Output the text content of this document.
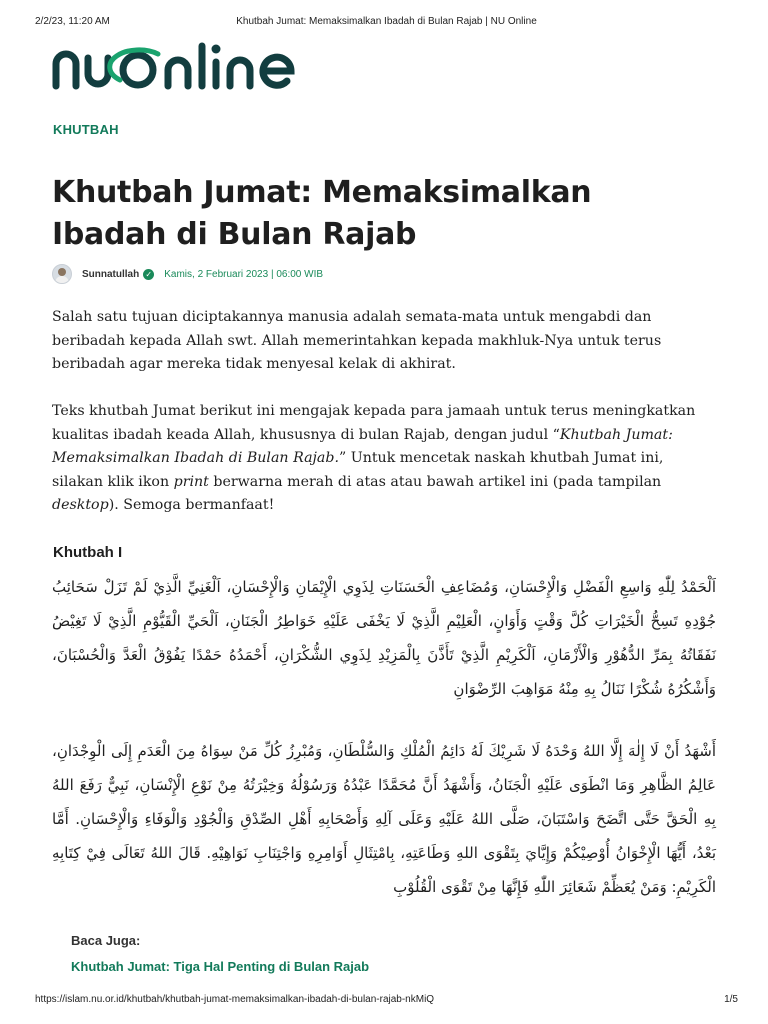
2/2/23, 11:20 AM	Khutbah Jumat: Memaksimalkan Ibadah di Bulan Rajab | NU Online
KHUTBAH
Khutbah Jumat: Memaksimalkan Ibadah di Bulan Rajab
Sunnatullah ✓ Kamis, 2 Februari 2023 | 06:00 WIB

Salah satu tujuan diciptakannya manusia adalah semata-mata untuk mengabdi dan beribadah kepada Allah swt. Allah memerintahkan kepada makhluk-Nya untuk terus beribadah agar mereka tidak menyesal kelak di akhirat.

Teks khutbah Jumat berikut ini mengajak kepada para jamaah untuk terus meningkatkan kualitas ibadah keada Allah, khususnya di bulan Rajab, dengan judul “Khutbah Jumat: Memaksimalkan Ibadah di Bulan Rajab.” Untuk mencetak naskah khutbah Jumat ini, silakan klik ikon print berwarna merah di atas atau bawah artikel ini (pada tampilan desktop). Semoga bermanfaat!

Khutbah I

اَلْحَمْدُ لِلّٰهِ وَاسِعِ الْفَضْلِ وَالْإِحْسَانِ، وَمُضَاعِفِ الْحَسَنَاتِ لِذَوِي الْإِيْمَانِ وَالْإِحْسَانِ، اَلْغَنِيِّ الَّذِيْ لَمْ تَزَلْ سَحَائِبُ جُوْدِهِ تَسِحُّ الْخَيْرَاتِ كُلَّ وَقْتٍ وَأَوَانٍ، الْعَلِيْمِ الَّذِيْ لَا يَخْفَى عَلَيْهِ خَوَاطِرُ الْجَنَانِ، اَلْحَيِّ الْقَيُّوْمِ الَّذِيْ لَا تَغِيْضُ نَفَقَاتُهُ بِمَرِّ الدُّهُوْرِ وَالْأَزْمَانِ، اَلْكَرِيْمِ الَّذِيْ تَأَذَّنَ بِالْمَزِيْدِ لِذَوِي الشُّكْرَانِ، أَحْمَدُهُ حَمْدًا يَفُوْقُ الْعَدَّ وَالْحُسْبَانَ، وَأَشْكُرُهُ شُكْرًا نَنَالُ بِهِ مِنْهُ مَوَاهِبَ الرِّضْوَانِ

أَشْهَدُ أَنْ لَا إِلٰهَ إِلَّا اللهُ وَحْدَهُ لَا شَرِيْكَ لَهُ دَائِمُ الْمُلْكِ وَالسُّلْطَانِ، وَمُبْرِزُ كُلِّ مَنْ سِوَاهُ مِنَ الْعَدَمِ إِلَى الْوِجْدَانِ، عَالِمُ الظَّاهِرِ وَمَا انْطَوَى عَلَيْهِ الْجَنَانُ، وَأَشْهَدُ أَنَّ مُحَمَّدًا عَبْدُهُ وَرَسُوْلُهُ وَخِيْرَتُهُ مِنْ نَوْعِ الْإِنْسَانِ، نَبِيٌّ رَفَعَ اللهُ بِهِ الْحَقَّ حَتَّى اتَّضَحَ وَاسْتَبَانَ، صَلَّى اللهُ عَلَيْهِ وَعَلَى آلِهِ وَأَصْحَابِهِ أَهْلِ الصِّدْقِ وَالْجُوْدِ وَالْوَفَاءِ وَالْإِحْسَانِ. أَمَّا بَعْدُ، أَيُّهَا الْإِخْوَانُ أُوْصِيْكُمْ وَإِيَّايَ بِتَقْوَى اللهِ وَطَاعَتِهِ، بِامْتِثَالِ أَوَامِرِهِ وَاجْتِنَابِ نَوَاهِيْهِ. قَالَ اللهُ تَعَالَى فِيْ كِتَابِهِ الْكَرِيْمِ: وَمَنْ يُعَظِّمْ شَعَائِرَ اللّٰهِ فَإِنَّهَا مِنْ تَقْوَى الْقُلُوْبِ

Baca Juga:
Khutbah Jumat: Tiga Hal Penting di Bulan Rajab
https://islam.nu.or.id/khutbah/khutbah-jumat-memaksimalkan-ibadah-di-bulan-rajab-nkMiQ	1/5
